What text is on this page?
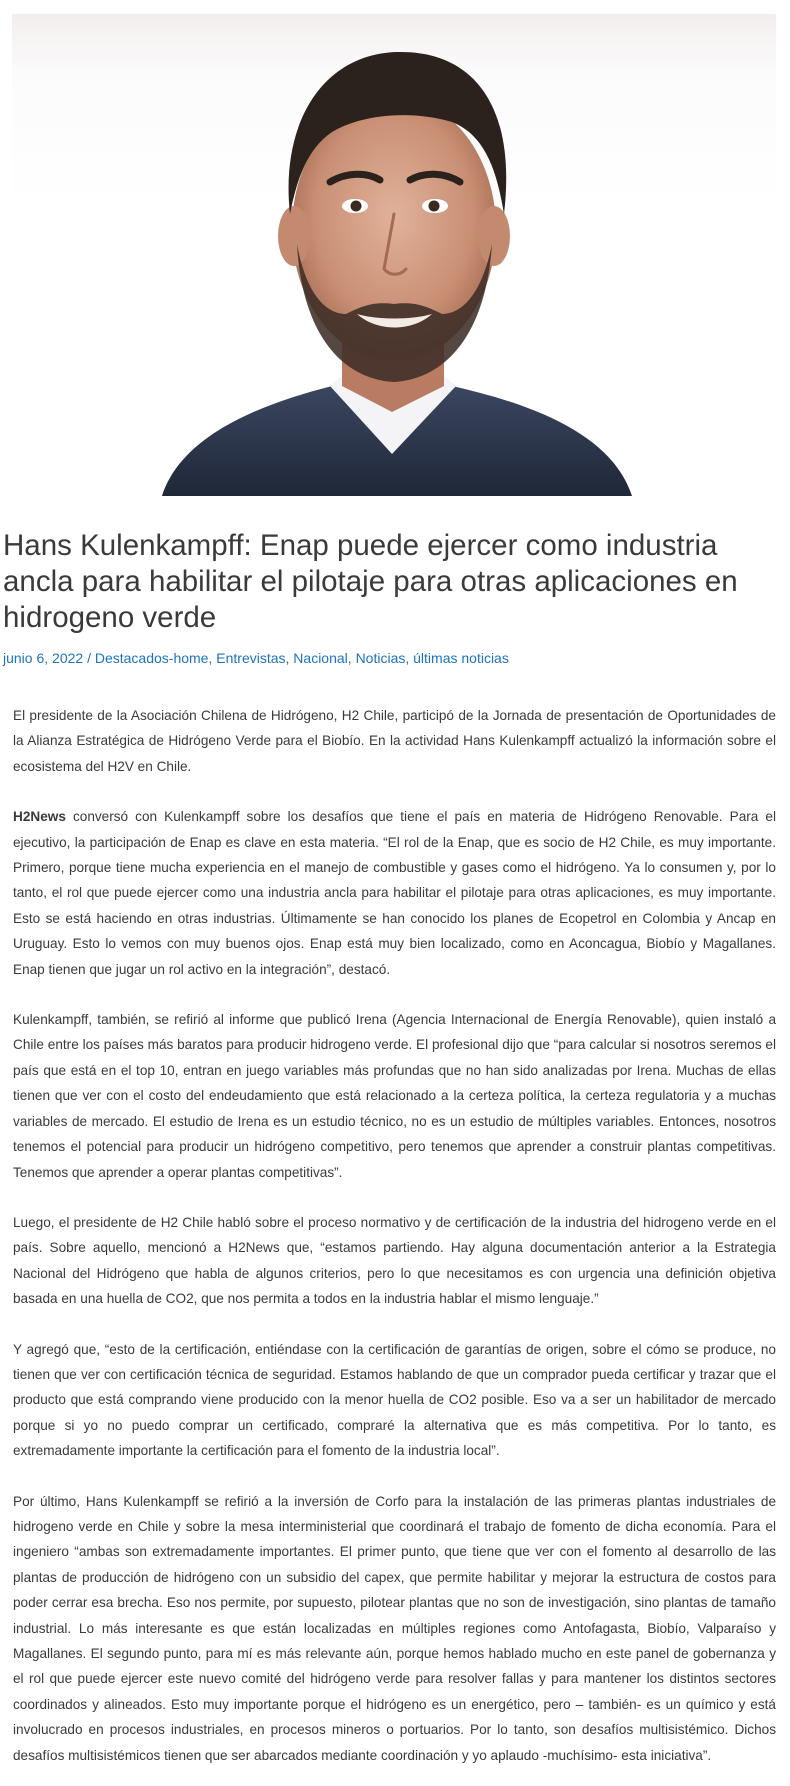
Hans Kulenkampff: Enap puede ejercer como industria ancla para habilitar el pilotaje para otras aplicaciones en hidrogeno verde
junio 6, 2022 / Destacados-home, Entrevistas, Nacional, Noticias, últimas noticias

El presidente de la Asociación Chilena de Hidrógeno, H2 Chile, participó de la Jornada de presentación de Oportunidades de la Alianza Estratégica de Hidrógeno Verde para el Biobío. En la actividad Hans Kulenkampff actualizó la información sobre el ecosistema del H2V en Chile.

H2News conversó con Kulenkampff sobre los desafíos que tiene el país en materia de Hidrógeno Renovable. Para el ejecutivo, la participación de Enap es clave en esta materia. “El rol de la Enap, que es socio de H2 Chile, es muy importante. Primero, porque tiene mucha experiencia en el manejo de combustible y gases como el hidrógeno. Ya lo consumen y, por lo tanto, el rol que puede ejercer como una industria ancla para habilitar el pilotaje para otras aplicaciones, es muy importante. Esto se está haciendo en otras industrias. Últimamente se han conocido los planes de Ecopetrol en Colombia y Ancap en Uruguay. Esto lo vemos con muy buenos ojos. Enap está muy bien localizado, como en Aconcagua, Biobío y Magallanes. Enap tienen que jugar un rol activo en la integración”, destacó.

Kulenkampff, también, se refirió al informe que publicó Irena (Agencia Internacional de Energía Renovable), quien instaló a Chile entre los países más baratos para producir hidrogeno verde. El profesional dijo que “para calcular si nosotros seremos el país que está en el top 10, entran en juego variables más profundas que no han sido analizadas por Irena. Muchas de ellas tienen que ver con el costo del endeudamiento que está relacionado a la certeza política, la certeza regulatoria y a muchas variables de mercado. El estudio de Irena es un estudio técnico, no es un estudio de múltiples variables. Entonces, nosotros tenemos el potencial para producir un hidrógeno competitivo, pero tenemos que aprender a construir plantas competitivas. Tenemos que aprender a operar plantas competitivas”.

Luego, el presidente de H2 Chile habló sobre el proceso normativo y de certificación de la industria del hidrogeno verde en el país. Sobre aquello, mencionó a H2News que, “estamos partiendo. Hay alguna documentación anterior a la Estrategia Nacional del Hidrógeno que habla de algunos criterios, pero lo que necesitamos es con urgencia una definición objetiva basada en una huella de CO2, que nos permita a todos en la industria hablar el mismo lenguaje.”

Y agregó que, “esto de la certificación, entiéndase con la certificación de garantías de origen, sobre el cómo se produce, no tienen que ver con certificación técnica de seguridad. Estamos hablando de que un comprador pueda certificar y trazar que el producto que está comprando viene producido con la menor huella de CO2 posible. Eso va a ser un habilitador de mercado porque si yo no puedo comprar un certificado, compraré la alternativa que es más competitiva. Por lo tanto, es extremadamente importante la certificación para el fomento de la industria local”.

Por último, Hans Kulenkampff se refirió a la inversión de Corfo para la instalación de las primeras plantas industriales de hidrogeno verde en Chile y sobre la mesa interministerial que coordinará el trabajo de fomento de dicha economía. Para el ingeniero “ambas son extremadamente importantes. El primer punto, que tiene que ver con el fomento al desarrollo de las plantas de producción de hidrógeno con un subsidio del capex, que permite habilitar y mejorar la estructura de costos para poder cerrar esa brecha. Eso nos permite, por supuesto, pilotear plantas que no son de investigación, sino plantas de tamaño industrial. Lo más interesante es que están localizadas en múltiples regiones como Antofagasta, Biobío, Valparaíso y Magallanes. El segundo punto, para mí es más relevante aún, porque hemos hablado mucho en este panel de gobernanza y el rol que puede ejercer este nuevo comité del hidrógeno verde para resolver fallas y para mantener los distintos sectores coordinados y alineados. Esto muy importante porque el hidrógeno es un energético, pero – también- es un químico y está involucrado en procesos industriales, en procesos mineros o portuarios. Por lo tanto, son desafíos multisistémico. Dichos desafíos multisistémicos tienen que ser abarcados mediante coordinación y yo aplaudo -muchísimo- esta iniciativa”.
